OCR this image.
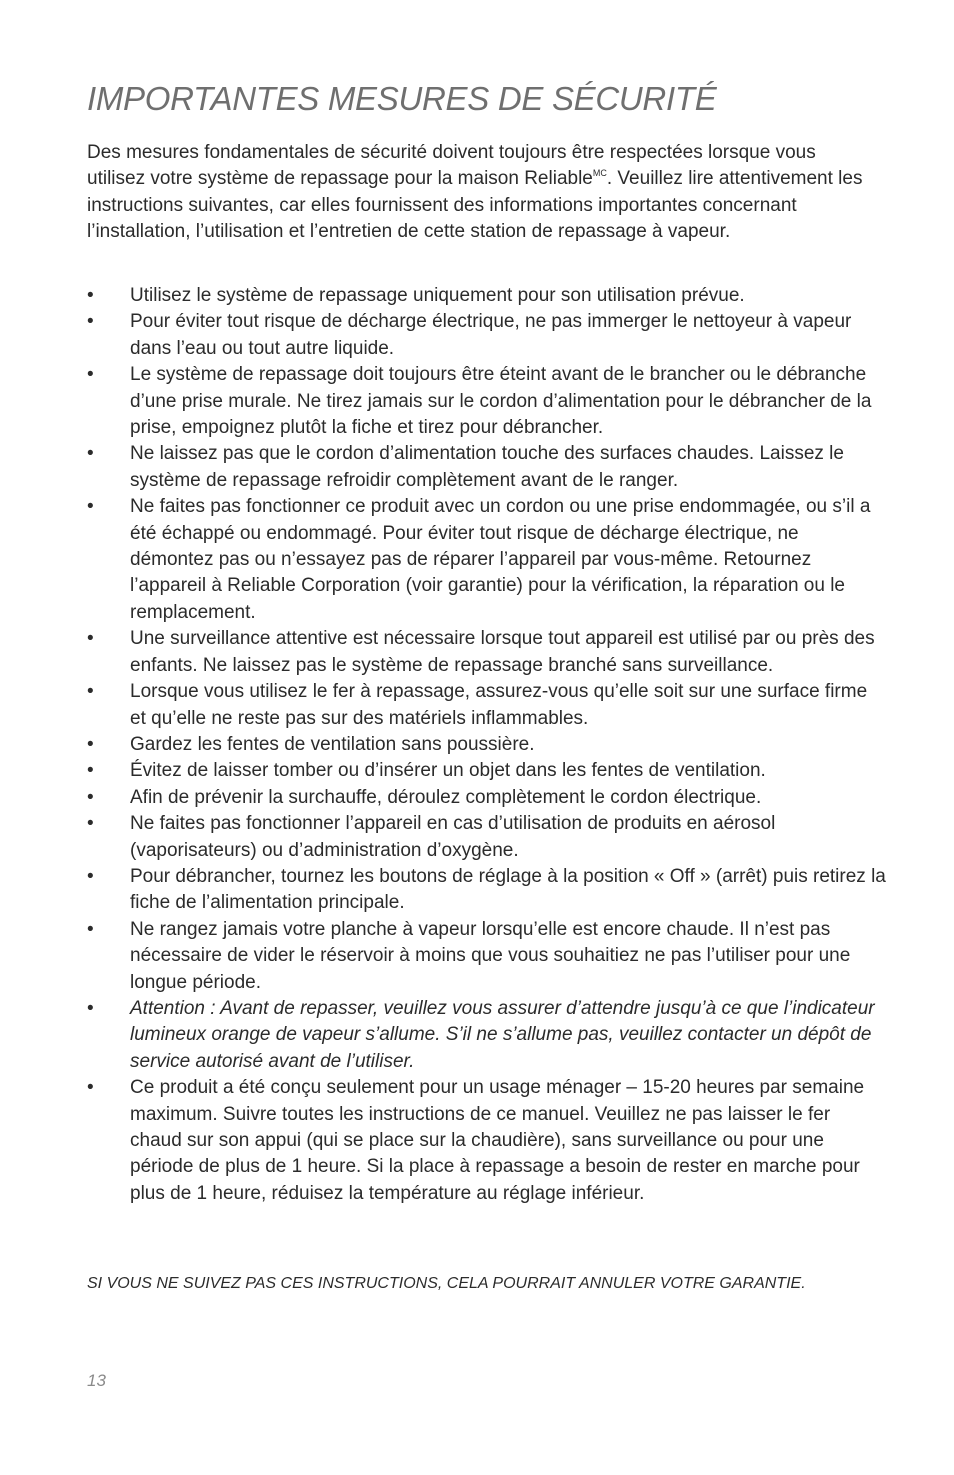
IMPORTANTES MESURES DE SÉCURITÉ

Des mesures fondamentales de sécurité doivent toujours être respectées lorsque vous utilisez votre système de repassage pour la maison Reliable$^{MC}$. Veuillez lire attentivement les instructions suivantes, car elles fournissent des informations importantes concernant l’installation, l’utilisation et l’entretien de cette station de repassage à vapeur.

• Utilisez le système de repassage uniquement pour son utilisation prévue.
• Pour éviter tout risque de décharge électrique, ne pas immerger le nettoyeur à vapeur dans l’eau ou tout autre liquide.
• Le système de repassage doit toujours être éteint avant de le brancher ou le débranche d’une prise murale. Ne tirez jamais sur le cordon d’alimentation pour le débrancher de la prise, empoignez plutôt la fiche et tirez pour débrancher.
• Ne laissez pas que le cordon d’alimentation touche des surfaces chaudes. Laissez le système de repassage refroidir complètement avant de le ranger.
• Ne faites pas fonctionner ce produit avec un cordon ou une prise endommagée, ou s’il a été échappé ou endommagé. Pour éviter tout risque de décharge électrique, ne démontez pas ou n’essayez pas de réparer l’appareil par vous-même. Retournez l’appareil à Reliable Corporation (voir garantie) pour la vérification, la réparation ou le remplacement.
• Une surveillance attentive est nécessaire lorsque tout appareil est utilisé par ou près des enfants. Ne laissez pas le système de repassage branché sans surveillance.
• Lorsque vous utilisez le fer à repassage, assurez-vous qu’elle soit sur une surface firme et qu’elle ne reste pas sur des matériels inflammables.
• Gardez les fentes de ventilation sans poussière.
• Évitez de laisser tomber ou d’insérer un objet dans les fentes de ventilation.
• Afin de prévenir la surchauffe, déroulez complètement le cordon électrique.
• Ne faites pas fonctionner l’appareil en cas d’utilisation de produits en aérosol (vaporisateurs) ou d’administration d’oxygène.
• Pour débrancher, tournez les boutons de réglage à la position « Off » (arrêt) puis retirez la fiche de l’alimentation principale.
• Ne rangez jamais votre planche à vapeur lorsqu’elle est encore chaude. Il n’est pas nécessaire de vider le réservoir à moins que vous souhaitiez ne pas l’utiliser pour une longue période.
• Attention : Avant de repasser, veuillez vous assurer d’attendre jusqu’à ce que l’indicateur lumineux orange de vapeur s’allume. S’il ne s’allume pas, veuillez contacter un dépôt de service autorisé avant de l’utiliser.
• Ce produit a été conçu seulement pour un usage ménager – 15-20 heures par semaine maximum. Suivre toutes les instructions de ce manuel. Veuillez ne pas laisser le fer chaud sur son appui (qui se place sur la chaudière), sans surveillance ou pour une période de plus de 1 heure. Si la place à repassage a besoin de rester en marche pour plus de 1 heure, réduisez la température au réglage inférieur.

SI VOUS NE SUIVEZ PAS CES INSTRUCTIONS, CELA POURRAIT ANNULER VOTRE GARANTIE.

13
